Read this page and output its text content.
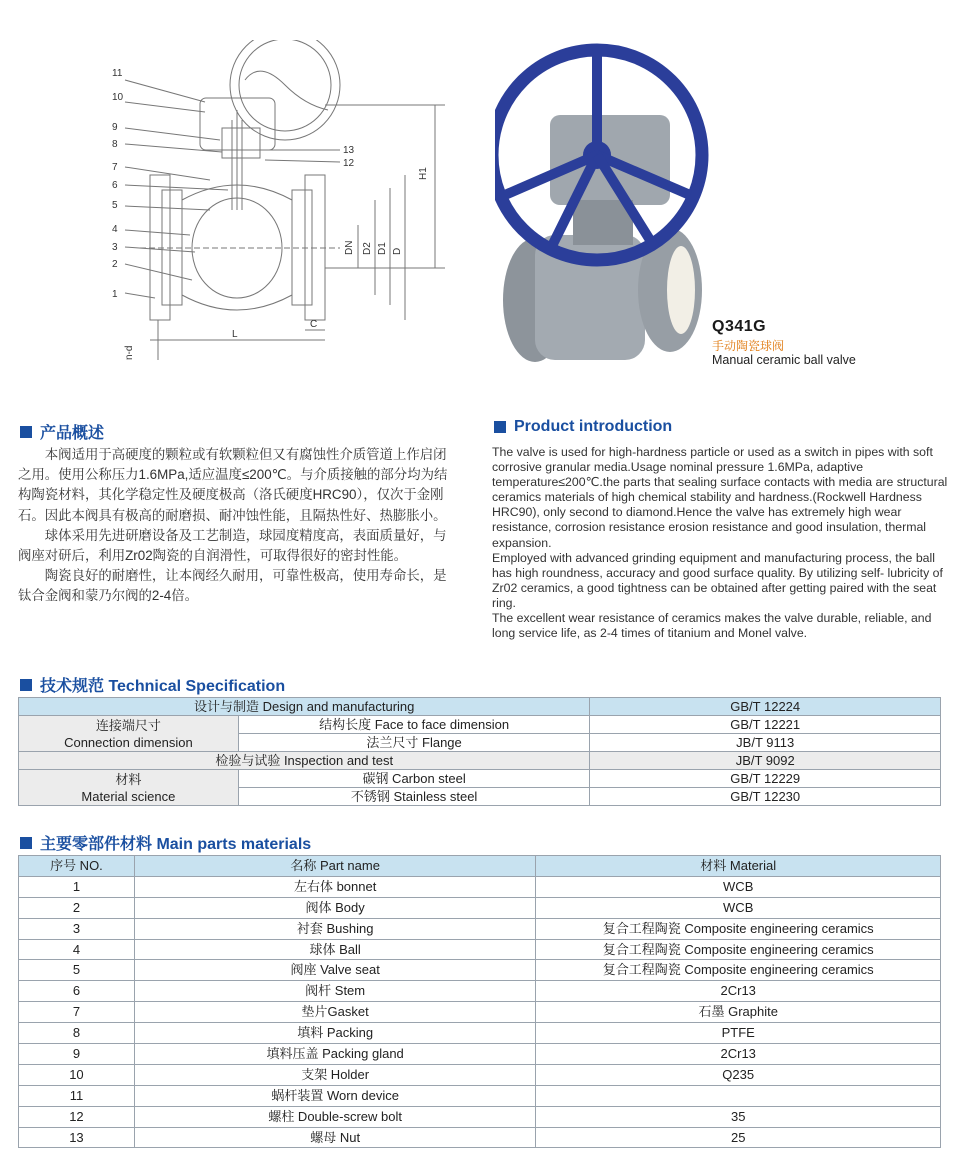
11
10
9
8
7
6
5
4
3
2
1
13
12
H1
DN D2 D1 D
L
C
n-d
Q341G
手动陶瓷球阀
Manual ceramic ball valve
产品概述	Product introduction

本阀适用于高硬度的颗粒或有软颗粒但又有腐蚀性介质管道上作启闭之用。使用公称压力1.6MPa,适应温度≤200℃。与介质接触的部分均为结构陶瓷材料，其化学稳定性及硬度极高（洛氏硬度HRC90），仅次于金刚石。因此本阀具有极高的耐磨损、耐冲蚀性能，且隔热性好、热膨胀小。

球体采用先进研磨设备及工艺制造，球园度精度高，表面质量好，与阀座对研后，利用Zr02陶瓷的自润滑性，可取得很好的密封性能。

陶瓷良好的耐磨性，让本阀经久耐用，可靠性极高，使用寿命长，是钛合金阀和蒙乃尔阀的2-4倍。

The valve is used for high-hardness particle or used as a switch in pipes with soft corrosive granular media.Usage nominal pressure 1.6MPa, adaptive temperature≤200℃.the parts that sealing surface contacts with media are structural ceramics materials of high chemical stability and hardness.(Rockwell Hardness HRC90), only second to diamond.Hence the valve has extremely high wear resistance, corrosion resistance erosion resistance and good insulation, thermal expansion.

Employed with advanced grinding equipment and manufacturing process, the ball has high roundness, accuracy and good surface quality. By utilizing self- lubricity of Zr02 ceramics, a good tightness can be obtained after getting paired with the seat ring.

The excellent wear resistance of ceramics makes the valve durable, reliable, and long service life, as 2-4 times of titanium and Monel valve.

技术规范 Technical Specification
设计与制造 Design and manufacturing		GB/T 12224

连接端尺寸
Connection dimension	结构长度 Face to face dimension	GB/T 12221
	法兰尺寸 Flange	JB/T 9113
检验与试验 Inspection and test		JB/T 9092

材料
Material science	碳钢 Carbon steel	GB/T 12229
	不锈钢 Stainless steel	GB/T 12230
主要零部件材料 Main parts materials
序号 NO.	名称 Part name	材料 Material
1	左右体 bonnet	WCB
2	阀体 Body	WCB
3	衬套 Bushing	复合工程陶瓷 Composite engineering ceramics
4	球体 Ball	复合工程陶瓷 Composite engineering ceramics
5	阀座 Valve seat	复合工程陶瓷 Composite engineering ceramics
6	阀杆 Stem	2Cr13
7	垫片Gasket	石墨 Graphite
8	填料 Packing	PTFE
9	填料压盖 Packing gland	2Cr13
10	支架 Holder	Q235
11	蜗杆装置 Worn device	
12	螺柱 Double-screw bolt	35
13	螺母 Nut	25
